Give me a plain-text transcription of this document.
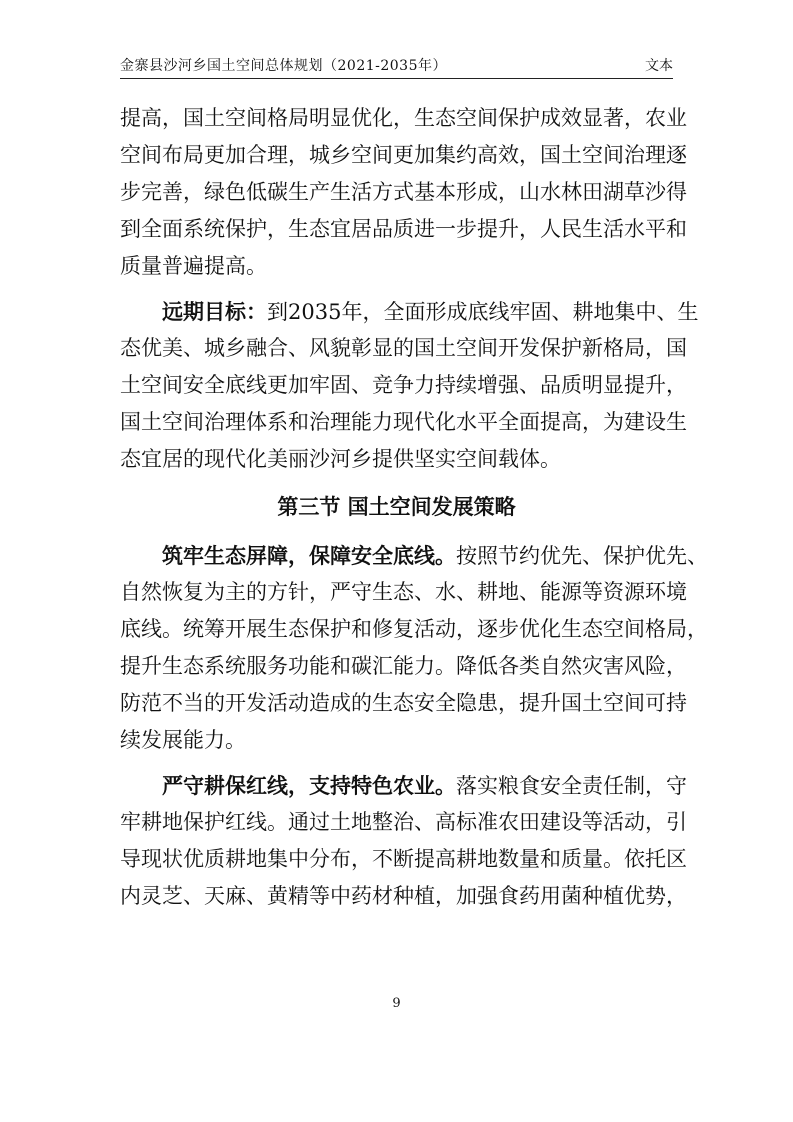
金寨县沙河乡国土空间总体规划（2021-2035年）	文本
提高，国土空间格局明显优化，生态空间保护成效显著，农业
空间布局更加合理，城乡空间更加集约高效，国土空间治理逐
步完善，绿色低碳生产生活方式基本形成，山水林田湖草沙得
到全面系统保护，生态宜居品质进一步提升，人民生活水平和
质量普遍提高。
远期目标：到2035年，全面形成底线牢固、耕地集中、生
态优美、城乡融合、风貌彰显的国土空间开发保护新格局，国
土空间安全底线更加牢固、竞争力持续增强、品质明显提升，
国土空间治理体系和治理能力现代化水平全面提高，为建设生
态宜居的现代化美丽沙河乡提供坚实空间载体。
第三节 国土空间发展策略
筑牢生态屏障，保障安全底线。按照节约优先、保护优先、
自然恢复为主的方针，严守生态、水、耕地、能源等资源环境
底线。统筹开展生态保护和修复活动，逐步优化生态空间格局，
提升生态系统服务功能和碳汇能力。降低各类自然灾害风险，
防范不当的开发活动造成的生态安全隐患，提升国土空间可持
续发展能力。
严守耕保红线，支持特色农业。落实粮食安全责任制，守
牢耕地保护红线。通过土地整治、高标准农田建设等活动，引
导现状优质耕地集中分布，不断提高耕地数量和质量。依托区
内灵芝、天麻、黄精等中药材种植，加强食药用菌种植优势，
9
